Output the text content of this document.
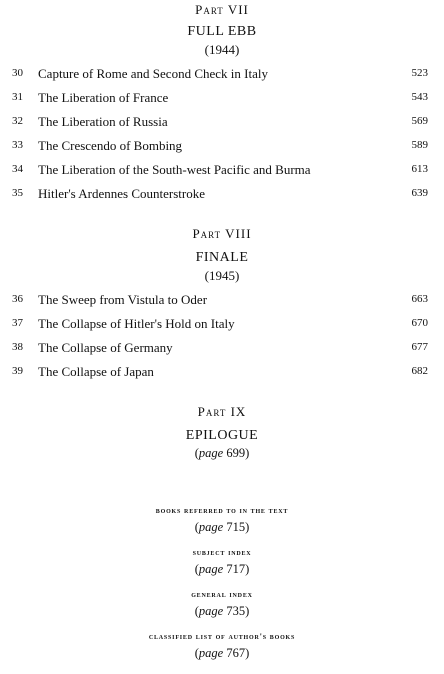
Part VII
FULL EBB
(1944)
30 Capture of Rome and Second Check in Italy	523
31 The Liberation of France	543
32 The Liberation of Russia	569
33 The Crescendo of Bombing	589
34 The Liberation of the South-west Pacific and Burma	613
35 Hitler's Ardennes Counterstroke	639
Part VIII
FINALE
(1945)
36 The Sweep from Vistula to Oder	663
37 The Collapse of Hitler's Hold on Italy	670
38 The Collapse of Germany	677
39 The Collapse of Japan	682
Part IX
EPILOGUE
(page 699)
books referred to in the text
(page 715)
subject index
(page 717)
general index
(page 735)
classified list of author's books
(page 767)
